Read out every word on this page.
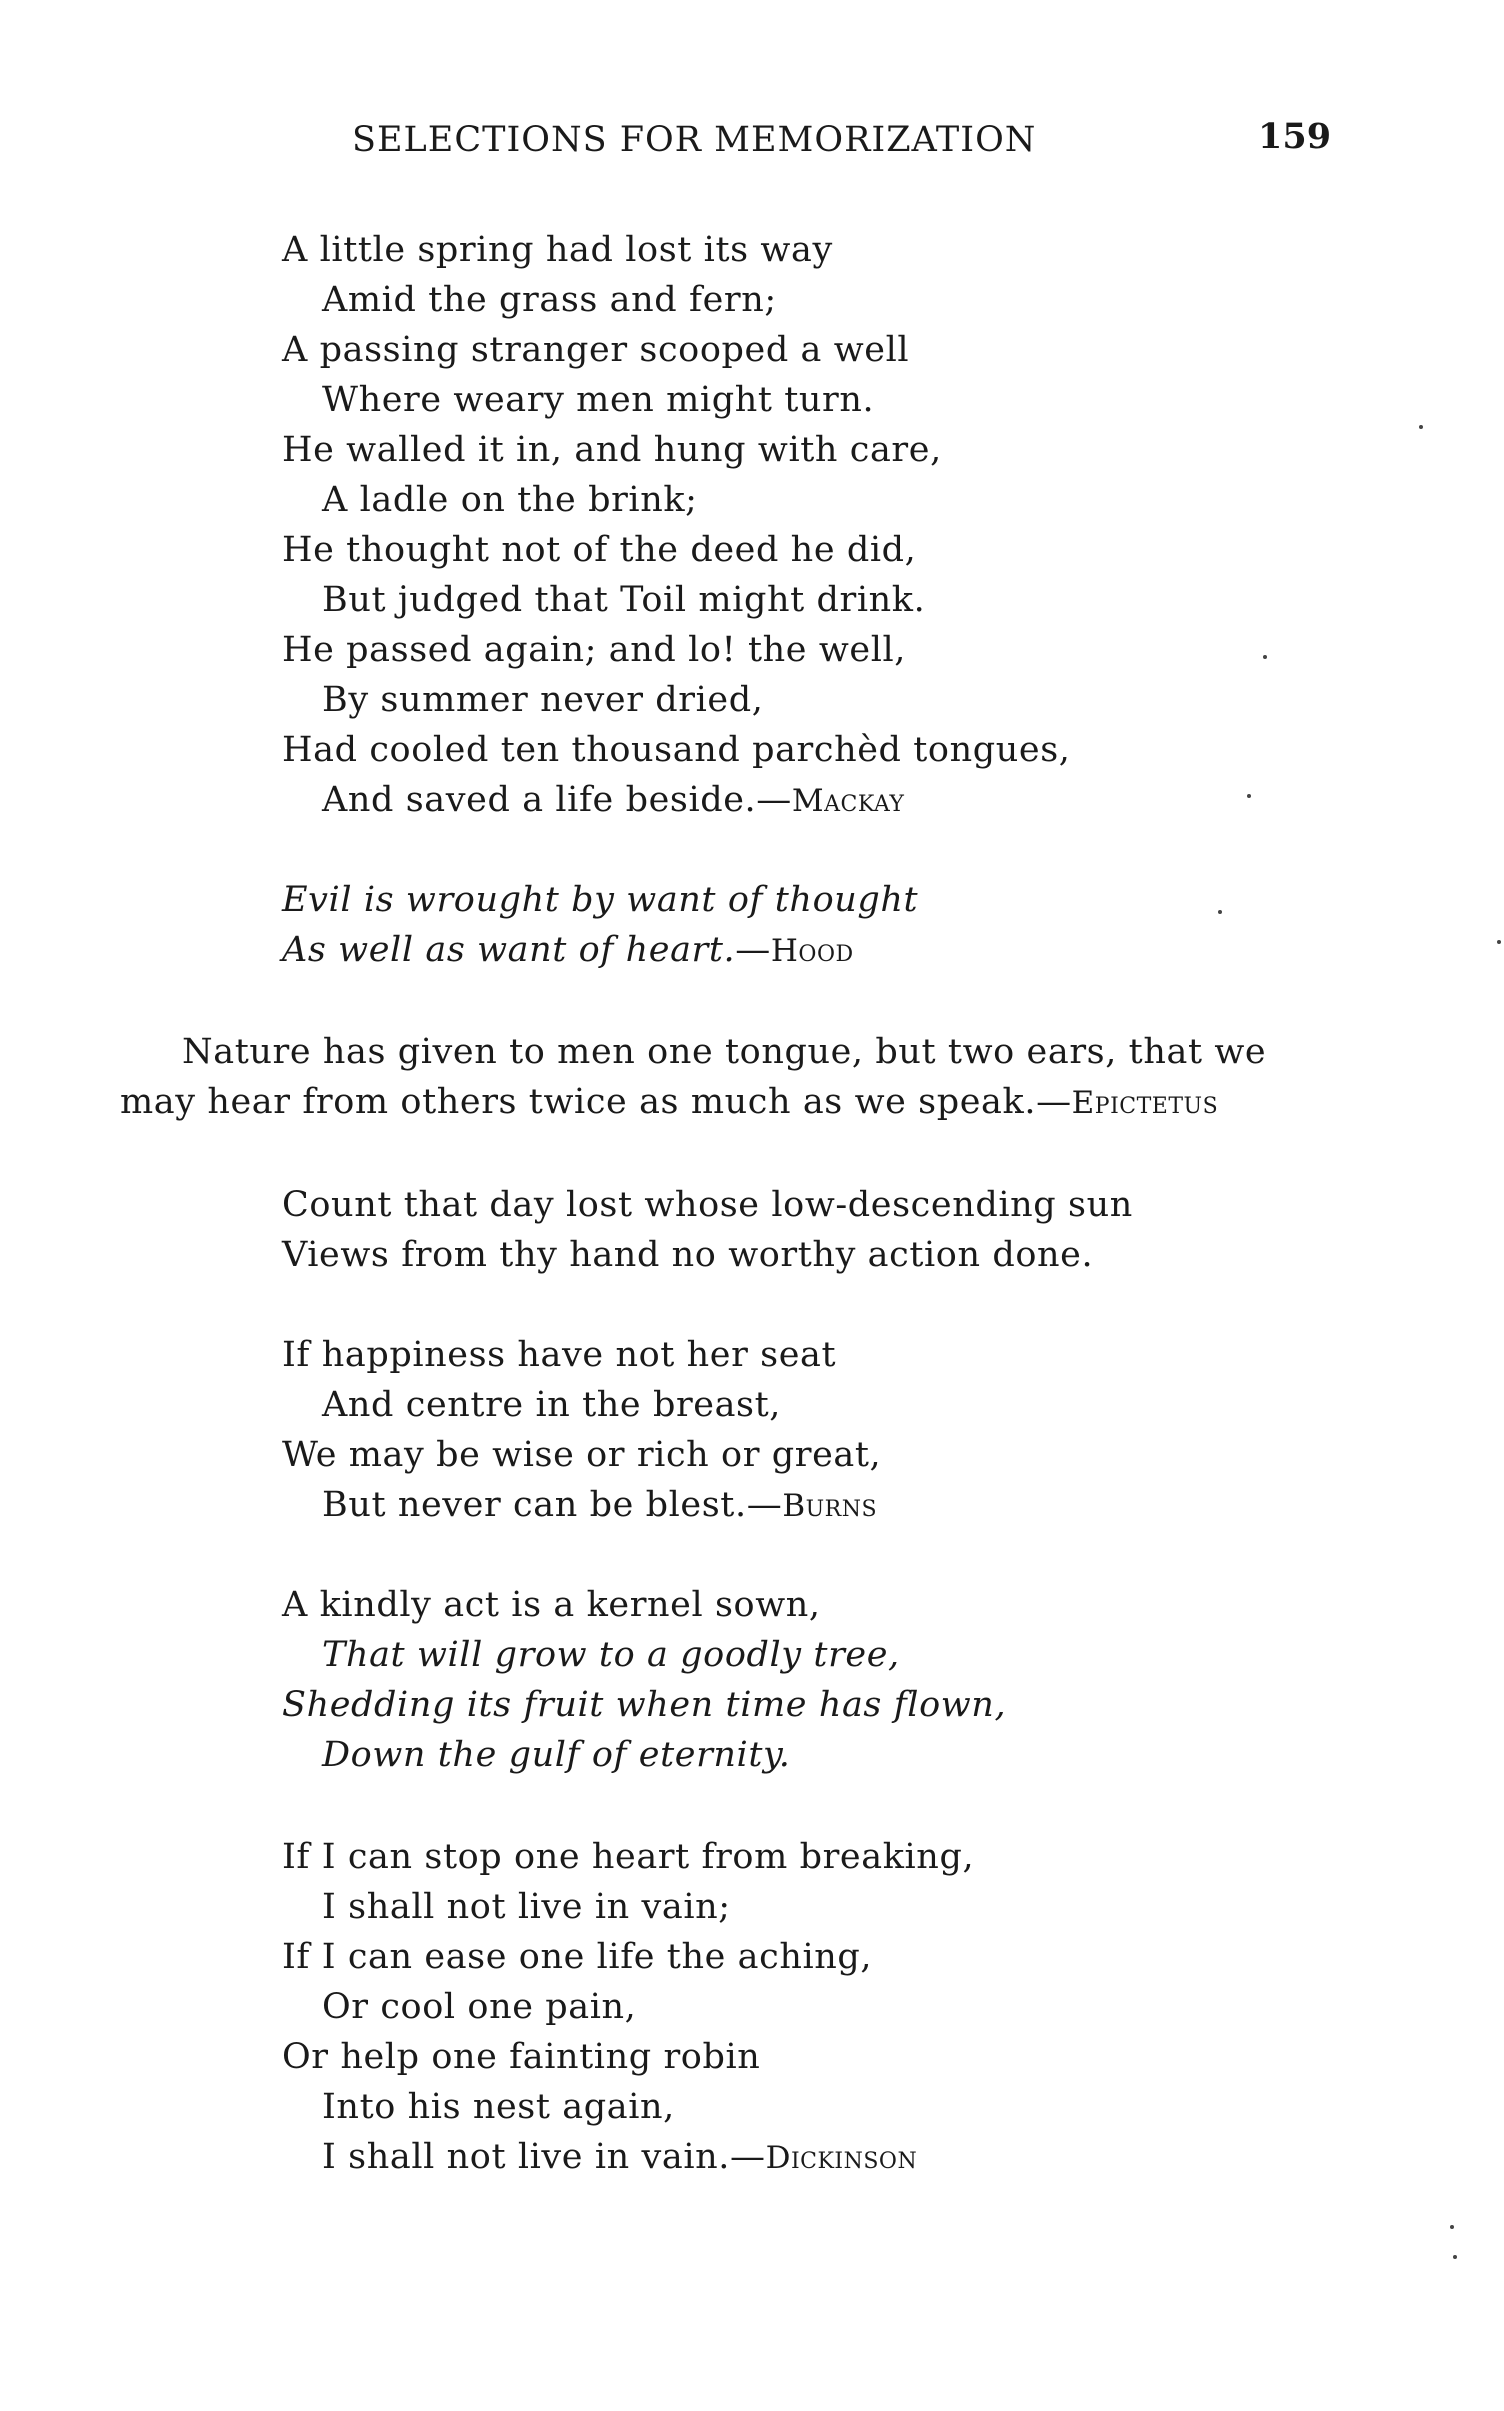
SELECTIONS FOR MEMORIZATION	159
A little spring had lost its way
Amid the grass and fern;
A passing stranger scooped a well
Where weary men might turn.
He walled it in, and hung with care,
A ladle on the brink;
He thought not of the deed he did,
But judged that Toil might drink.
He passed again; and lo! the well,
By summer never dried,
Had cooled ten thousand parchèd tongues,
And saved a life beside.—Mackay
Evil is wrought by want of thought
As well as want of heart.—Hood
Nature has given to men one tongue, but two ears, that we
may hear from others twice as much as we speak.—Epictetus
Count that day lost whose low-descending sun
Views from thy hand no worthy action done.
If happiness have not her seat
And centre in the breast,
We may be wise or rich or great,
But never can be blest.—Burns
A kindly act is a kernel sown,
That will grow to a goodly tree,
Shedding its fruit when time has flown,
Down the gulf of eternity.
If I can stop one heart from breaking,
I shall not live in vain;
If I can ease one life the aching,
Or cool one pain,
Or help one fainting robin
Into his nest again,
I shall not live in vain.—Dickinson
